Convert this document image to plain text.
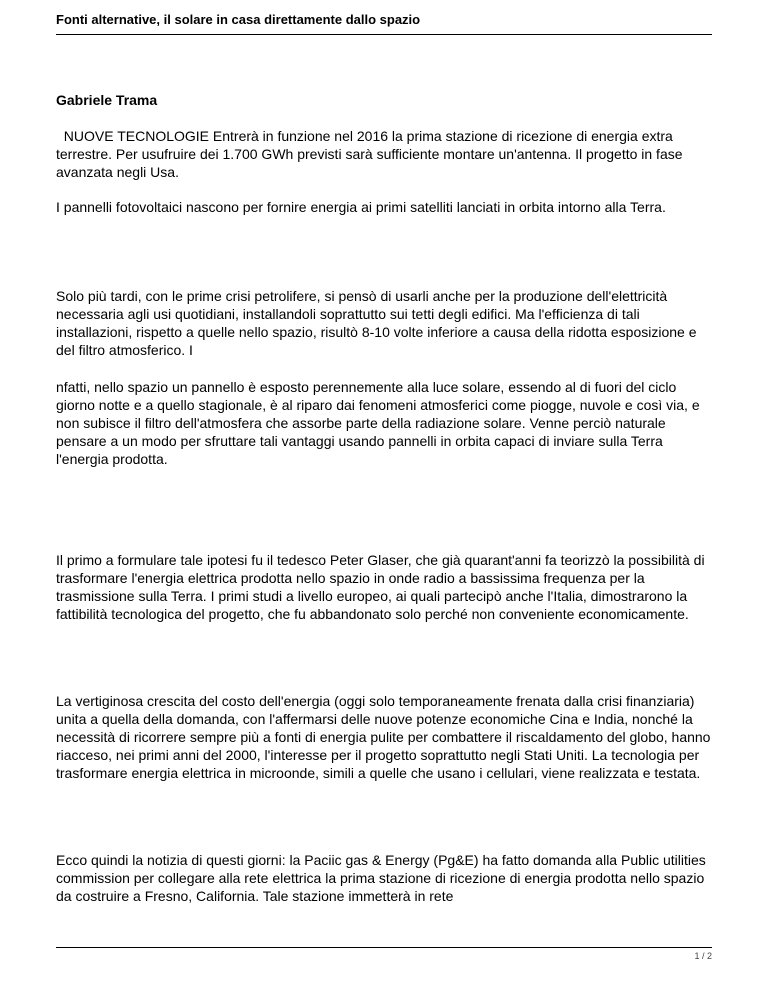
Fonti alternative, il solare in casa direttamente dallo spazio
Gabriele Trama

NUOVE TECNOLOGIE Entrerà in funzione nel 2016 la prima stazione di ricezione di energia extra terrestre. Per usufruire dei 1.700 GWh previsti sarà sufficiente montare un'antenna. Il progetto in fase avanzata negli Usa.

I pannelli fotovoltaici nascono per fornire energia ai primi satelliti lanciati in orbita intorno alla Terra.

Solo più tardi, con le prime crisi petrolifere, si pensò di usarli anche per la produzione dell'elettricità necessaria agli usi quotidiani, installandoli soprattutto sui tetti degli edifici. Ma l'efficienza di tali installazioni, rispetto a quelle nello spazio, risultò 8-10 volte inferiore a causa della ridotta esposizione e del filtro atmosferico. I

nfatti, nello spazio un pannello è esposto perennemente alla luce solare, essendo al di fuori del ciclo giorno notte e a quello stagionale, è al riparo dai fenomeni atmosferici come piogge, nuvole e così via, e non subisce il filtro dell'atmosfera che assorbe parte della radiazione solare. Venne perciò naturale pensare a un modo per sfruttare tali vantaggi usando pannelli in orbita capaci di inviare sulla Terra l'energia prodotta.

Il primo a formulare tale ipotesi fu il tedesco Peter Glaser, che già quarant'anni fa teorizzò la possibilità di trasformare l'energia elettrica prodotta nello spazio in onde radio a bassissima frequenza per la trasmissione sulla Terra. I primi studi a livello europeo, ai quali partecipò anche l'Italia, dimostrarono la fattibilità tecnologica del progetto, che fu abbandonato solo perché non conveniente economicamente.

La vertiginosa crescita del costo dell'energia (oggi solo temporaneamente frenata dalla crisi finanziaria) unita a quella della domanda, con l'affermarsi delle nuove potenze economiche Cina e India, nonché la necessità di ricorrere sempre più a fonti di energia pulite per combattere il riscaldamento del globo, hanno riacceso, nei primi anni del 2000, l'interesse per il progetto soprattutto negli Stati Uniti. La tecnologia per trasformare energia elettrica in microonde, simili a quelle che usano i cellulari, viene realizzata e testata.

Ecco quindi la notizia di questi giorni: la Paciic gas & Energy (Pg&E) ha fatto domanda alla Public utilities commission per collegare alla rete elettrica la prima stazione di ricezione di energia prodotta nello spazio da costruire a Fresno, California. Tale stazione immetterà in rete

1 / 2
